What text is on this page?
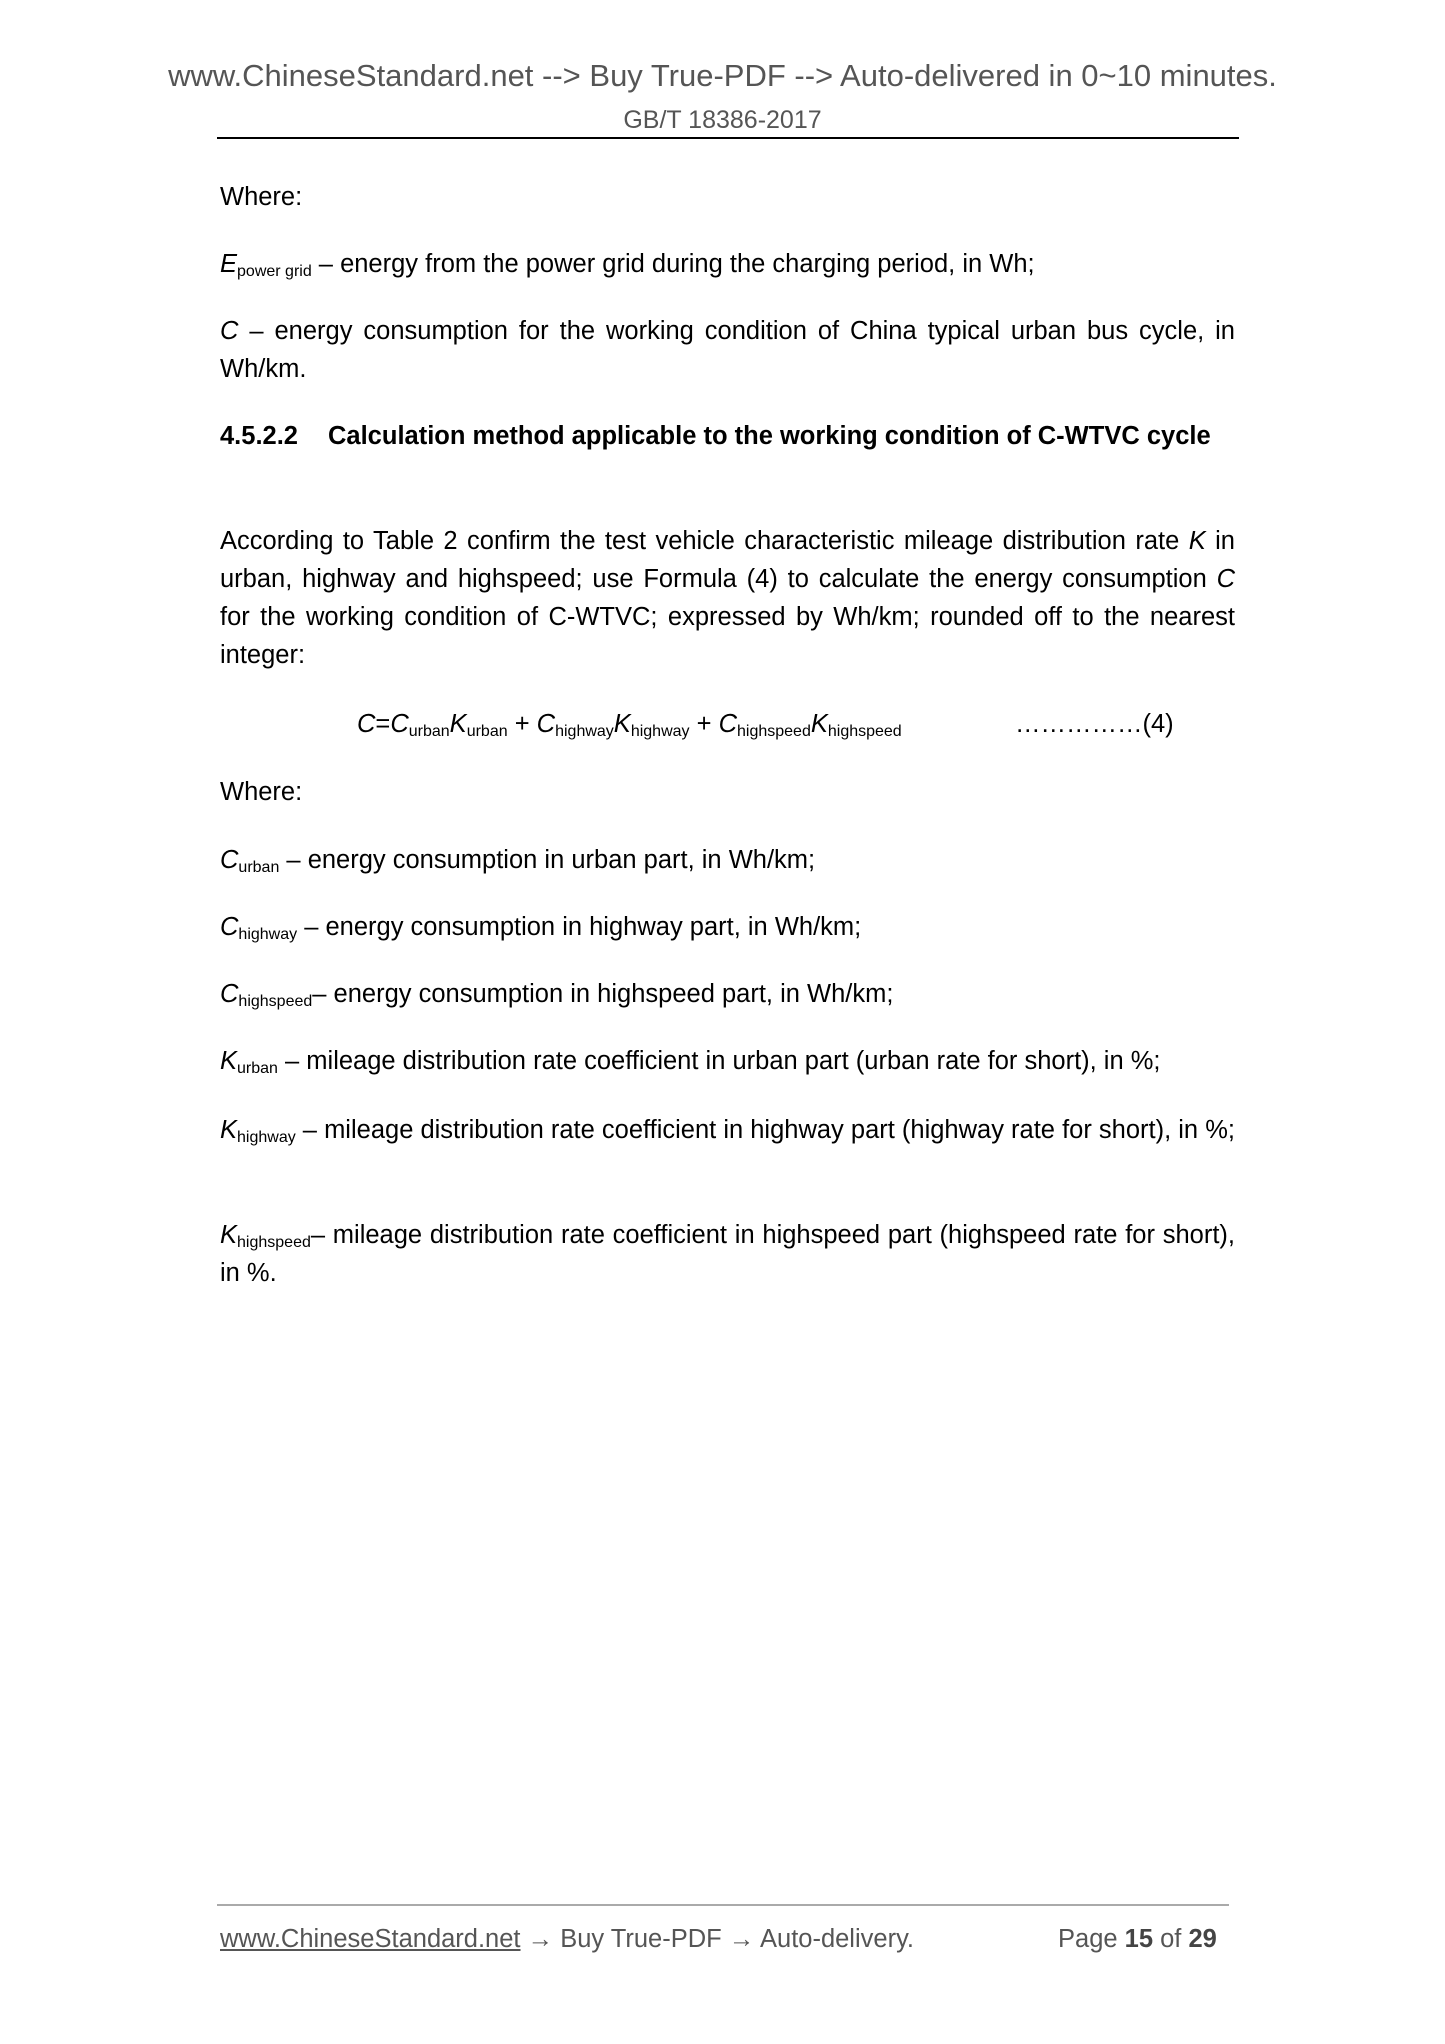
www.ChineseStandard.net --> Buy True-PDF --> Auto-delivered in 0~10 minutes.
GB/T 18386-2017
Where:
$E_{power grid}$ – energy from the power grid during the charging period, in Wh;
C – energy consumption for the working condition of China typical urban bus cycle, in Wh/km.
4.5.2.2 Calculation method applicable to the working condition of C-WTVC cycle
According to Table 2 confirm the test vehicle characteristic mileage distribution rate K in urban, highway and highspeed; use Formula (4) to calculate the energy consumption C for the working condition of C-WTVC; expressed by Wh/km; rounded off to the nearest integer:
$C=C_{urban}K_{urban} + C_{highway}K_{highway} + C_{highspeed}K_{highspeed}$	……………(4)
Where:
$C_{urban}$ – energy consumption in urban part, in Wh/km;
$C_{highway}$ – energy consumption in highway part, in Wh/km;
$C_{highspeed}-$ energy consumption in highspeed part, in Wh/km;
$K_{urban}$ – mileage distribution rate coefficient in urban part (urban rate for short), in %;
$K_{highway}$ – mileage distribution rate coefficient in highway part (highway rate for short), in %;
$K_{highspeed}-$ mileage distribution rate coefficient in highspeed part (highspeed rate for short), in %.
www.ChineseStandard.net → Buy True-PDF → Auto-delivery.	Page 15 of 29
